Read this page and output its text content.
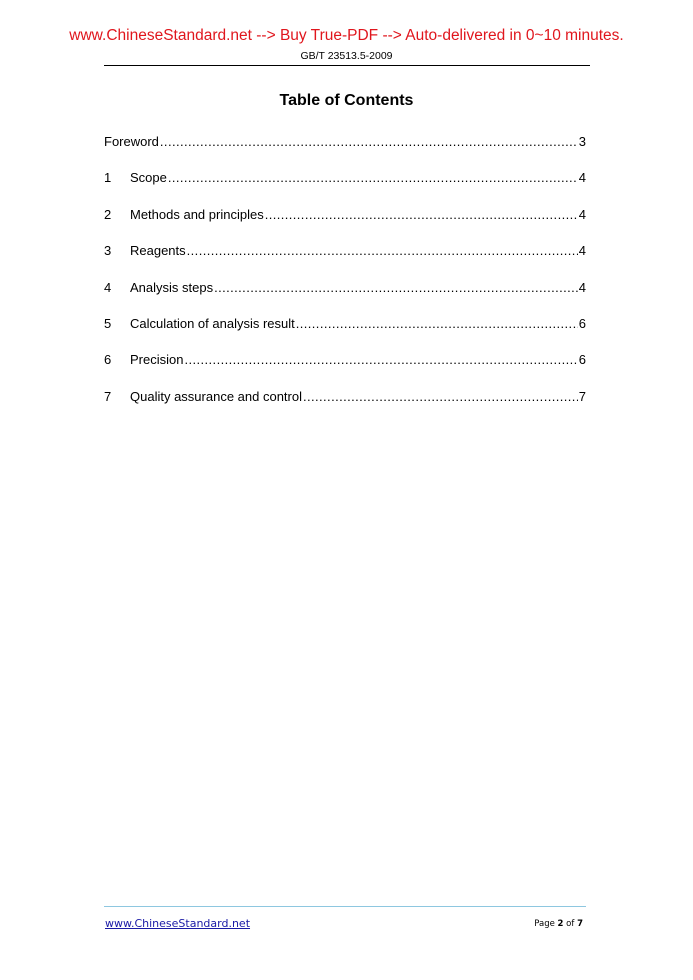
www.ChineseStandard.net --> Buy True-PDF --> Auto-delivered in 0~10 minutes.
GB/T 23513.5-2009
Table of Contents
Foreword .....	3
1	Scope .....	4
2	Methods and principles .....	4
3	Reagents .....	4
4	Analysis steps .....	4
5	Calculation of analysis result .....	6
6	Precision .....	6
7	Quality assurance and control .....	7
www.ChineseStandard.net	Page 2 of 7
